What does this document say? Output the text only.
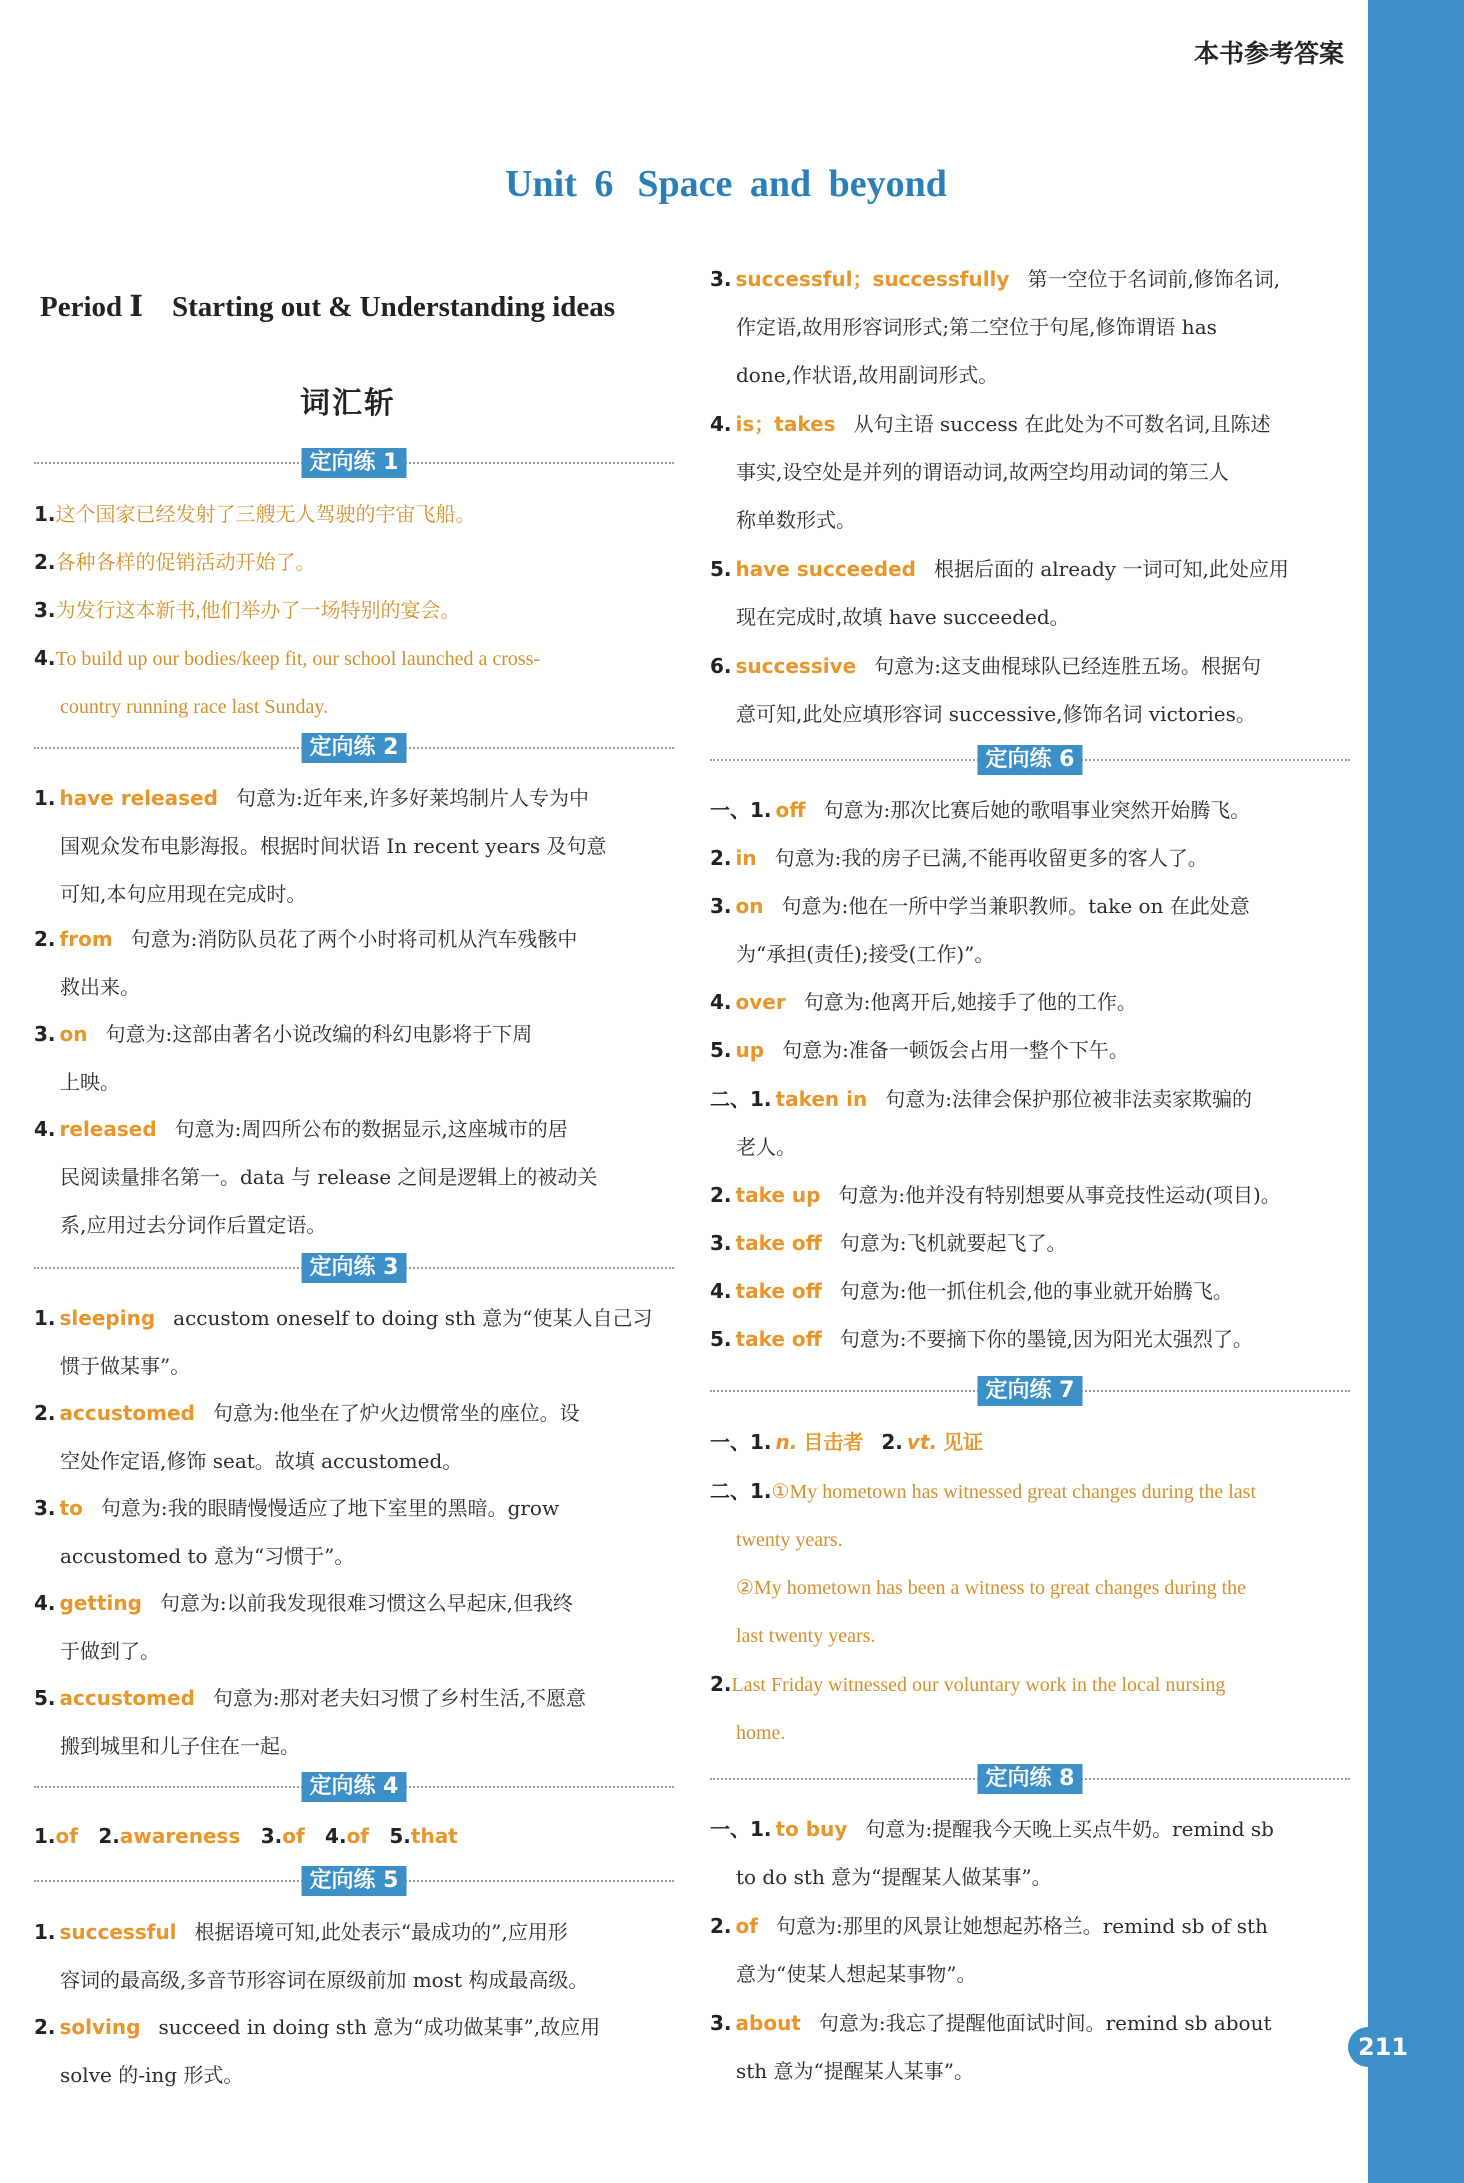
211
本书参考答案
Unit 6 Space and beyond
Period Ⅰ　Starting out & Understanding ideas
词汇斩
定向练 1
1.这个国家已经发射了三艘无人驾驶的宇宙飞船。
2.各种各样的促销活动开始了。
3.为发行这本新书,他们举办了一场特别的宴会。
4.To build up our bodies/keep fit, our school launched a cross-
country running race last Sunday.
定向练 2
1. have released 句意为:近年来,许多好莱坞制片人专为中
国观众发布电影海报。根据时间状语 In recent years 及句意
可知,本句应用现在完成时。
2. from 句意为:消防队员花了两个小时将司机从汽车残骸中
救出来。
3. on 句意为:这部由著名小说改编的科幻电影将于下周
上映。
4. released 句意为:周四所公布的数据显示,这座城市的居
民阅读量排名第一。data 与 release 之间是逻辑上的被动关
系,应用过去分词作后置定语。
定向练 3
1. sleeping accustom oneself to doing sth 意为“使某人自己习
惯于做某事”。
2. accustomed 句意为:他坐在了炉火边惯常坐的座位。设
空处作定语,修饰 seat。故填 accustomed。
3. to 句意为:我的眼睛慢慢适应了地下室里的黑暗。grow
accustomed to 意为“习惯于”。
4. getting 句意为:以前我发现很难习惯这么早起床,但我终
于做到了。
5. accustomed 句意为:那对老夫妇习惯了乡村生活,不愿意
搬到城里和儿子住在一起。
定向练 4
1.of 2.awareness 3.of 4.of 5.that
定向练 5
1. successful 根据语境可知,此处表示“最成功的”,应用形
容词的最高级,多音节形容词在原级前加 most 构成最高级。
2. solving succeed in doing sth 意为“成功做某事”,故应用
solve 的-ing 形式。
3. successful；successfully 第一空位于名词前,修饰名词,
作定语,故用形容词形式;第二空位于句尾,修饰谓语 has
done,作状语,故用副词形式。
4. is；takes 从句主语 success 在此处为不可数名词,且陈述
事实,设空处是并列的谓语动词,故两空均用动词的第三人
称单数形式。
5. have succeeded 根据后面的 already 一词可知,此处应用
现在完成时,故填 have succeeded。
6. successive 句意为:这支曲棍球队已经连胜五场。根据句
意可知,此处应填形容词 successive,修饰名词 victories。
定向练 6
一、1. off 句意为:那次比赛后她的歌唱事业突然开始腾飞。
2. in 句意为:我的房子已满,不能再收留更多的客人了。
3. on 句意为:他在一所中学当兼职教师。take on 在此处意
为“承担(责任);接受(工作)”。
4. over 句意为:他离开后,她接手了他的工作。
5. up 句意为:准备一顿饭会占用一整个下午。
二、1. taken in 句意为:法律会保护那位被非法卖家欺骗的
老人。
2. take up 句意为:他并没有特别想要从事竞技性运动(项目)。
3. take off 句意为:飞机就要起飞了。
4. take off 句意为:他一抓住机会,他的事业就开始腾飞。
5. take off 句意为:不要摘下你的墨镜,因为阳光太强烈了。
定向练 7
一、1. n. 目击者 2. vt. 见证
二、1.①My hometown has witnessed great changes during the last
twenty years.
②My hometown has been a witness to great changes during the
last twenty years.
2.Last Friday witnessed our voluntary work in the local nursing
home.
定向练 8
一、1. to buy 句意为:提醒我今天晚上买点牛奶。remind sb
to do sth 意为“提醒某人做某事”。
2. of 句意为:那里的风景让她想起苏格兰。remind sb of sth
意为“使某人想起某事物”。
3. about 句意为:我忘了提醒他面试时间。remind sb about
sth 意为“提醒某人某事”。
